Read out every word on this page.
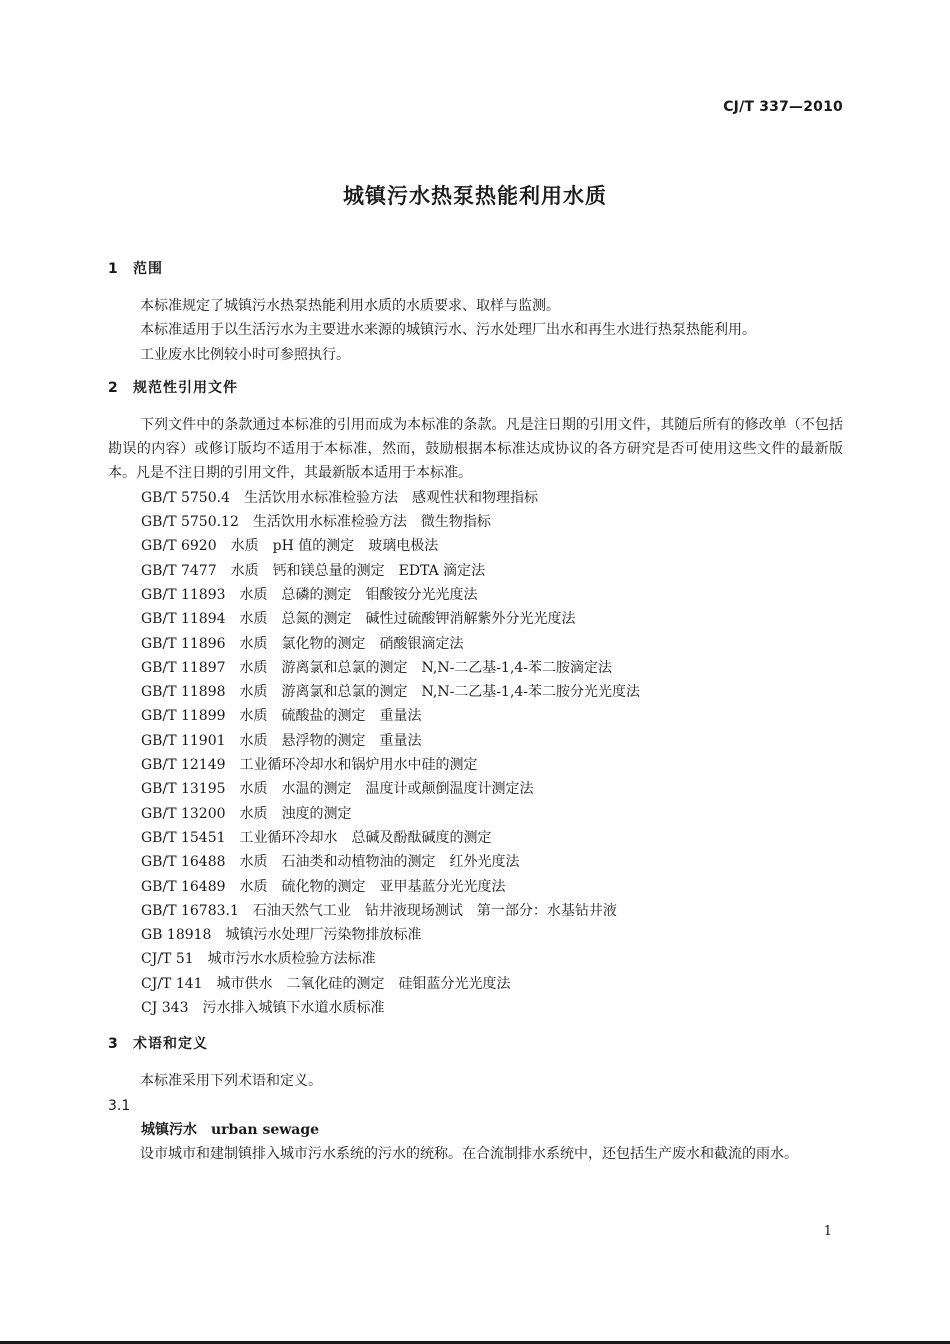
CJ/T 337—2010
城镇污水热泵热能利用水质
1 范围

本标准规定了城镇污水热泵热能利用水质的水质要求、取样与监测。

本标准适用于以生活污水为主要进水来源的城镇污水、污水处理厂出水和再生水进行热泵热能利用。

工业废水比例较小时可参照执行。

2 规范性引用文件

下列文件中的条款通过本标准的引用而成为本标准的条款。凡是注日期的引用文件，其随后所有的修改单（不包括勘误的内容）或修订版均不适用于本标准，然而，鼓励根据本标准达成协议的各方研究是否可使用这些文件的最新版本。凡是不注日期的引用文件，其最新版本适用于本标准。

GB/T 5750.4 生活饮用水标准检验方法　感观性状和物理指标
GB/T 5750.12 生活饮用水标准检验方法　微生物指标
GB/T 6920 水质　pH 值的测定　玻璃电极法
GB/T 7477 水质　钙和镁总量的测定　EDTA 滴定法
GB/T 11893 水质　总磷的测定　钼酸铵分光光度法
GB/T 11894 水质　总氮的测定　碱性过硫酸钾消解紫外分光光度法
GB/T 11896 水质　氯化物的测定　硝酸银滴定法
GB/T 11897 水质　游离氯和总氯的测定　N,N-二乙基-1,4-苯二胺滴定法
GB/T 11898 水质　游离氯和总氯的测定　N,N-二乙基-1,4-苯二胺分光光度法
GB/T 11899 水质　硫酸盐的测定　重量法
GB/T 11901 水质　悬浮物的测定　重量法
GB/T 12149 工业循环冷却水和锅炉用水中硅的测定
GB/T 13195 水质　水温的测定　温度计或颠倒温度计测定法
GB/T 13200 水质　浊度的测定
GB/T 15451 工业循环冷却水　总碱及酚酞碱度的测定
GB/T 16488 水质　石油类和动植物油的测定　红外光度法
GB/T 16489 水质　硫化物的测定　亚甲基蓝分光光度法
GB/T 16783.1 石油天然气工业　钻井液现场测试　第一部分：水基钻井液
GB 18918 城镇污水处理厂污染物排放标准
CJ/T 51 城市污水水质检验方法标准
CJ/T 141 城市供水　二氧化硅的测定　硅钼蓝分光光度法
CJ 343 污水排入城镇下水道水质标准
3 术语和定义

本标准采用下列术语和定义。

3.1

城镇污水 urban sewage

设市城市和建制镇排入城市污水系统的污水的统称。在合流制排水系统中，还包括生产废水和截流的雨水。

1
